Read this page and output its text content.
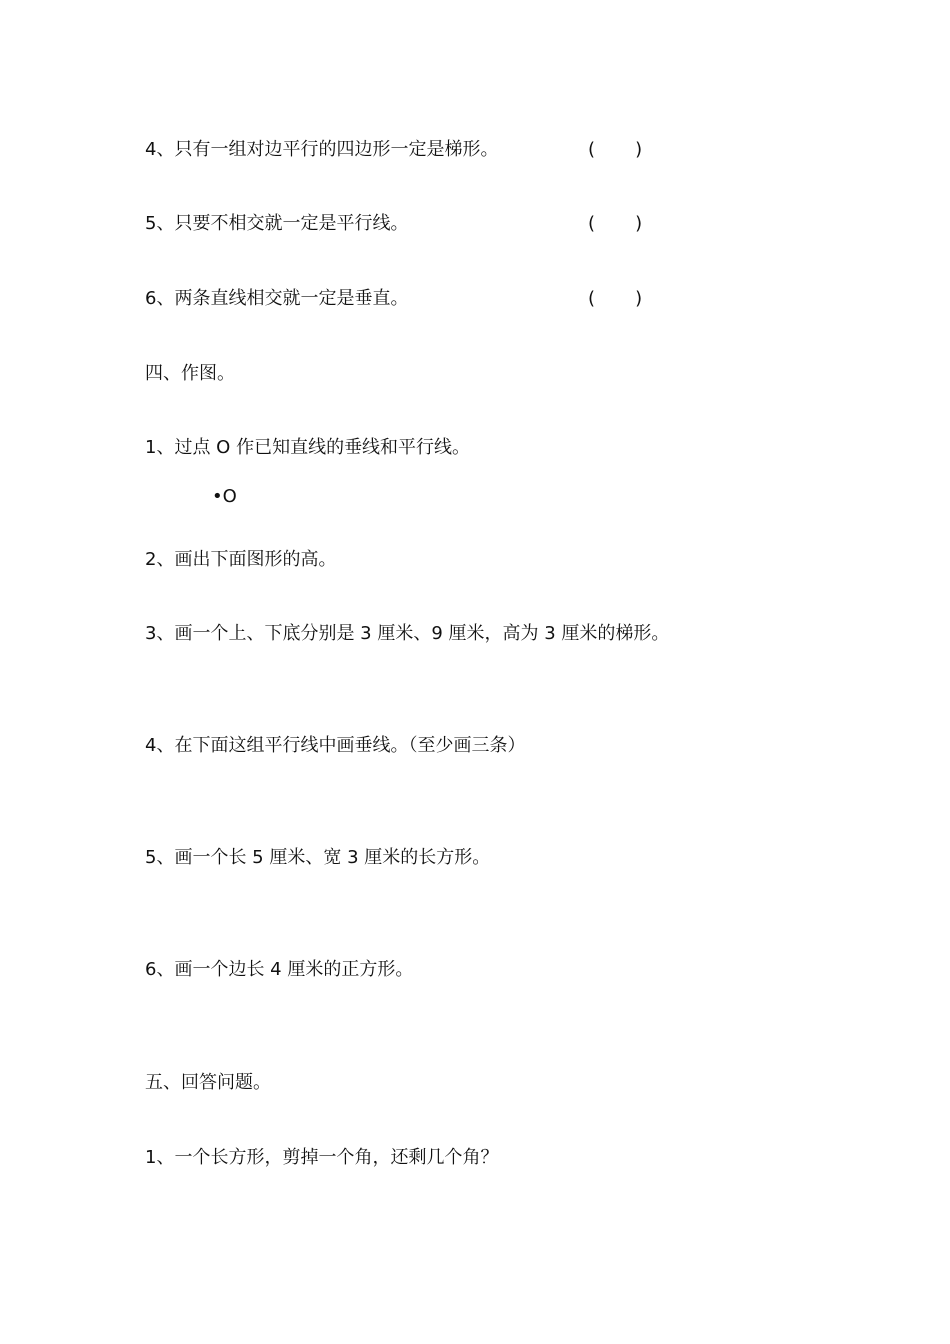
4、只有一组对边平行的四边形一定是梯形。	(       )
5、只要不相交就一定是平行线。	(       )
6、两条直线相交就一定是垂直。	(       )
四、作图。
1、过点 O 作已知直线的垂线和平行线。
•O
2、画出下面图形的高。
3、画一个上、下底分别是 3 厘米、9 厘米，高为 3 厘米的梯形。
4、在下面这组平行线中画垂线。（至少画三条）
5、画一个长 5 厘米、宽 3 厘米的长方形。
6、画一个边长 4 厘米的正方形。
五、回答问题。
1、一个长方形，剪掉一个角，还剩几个角？
